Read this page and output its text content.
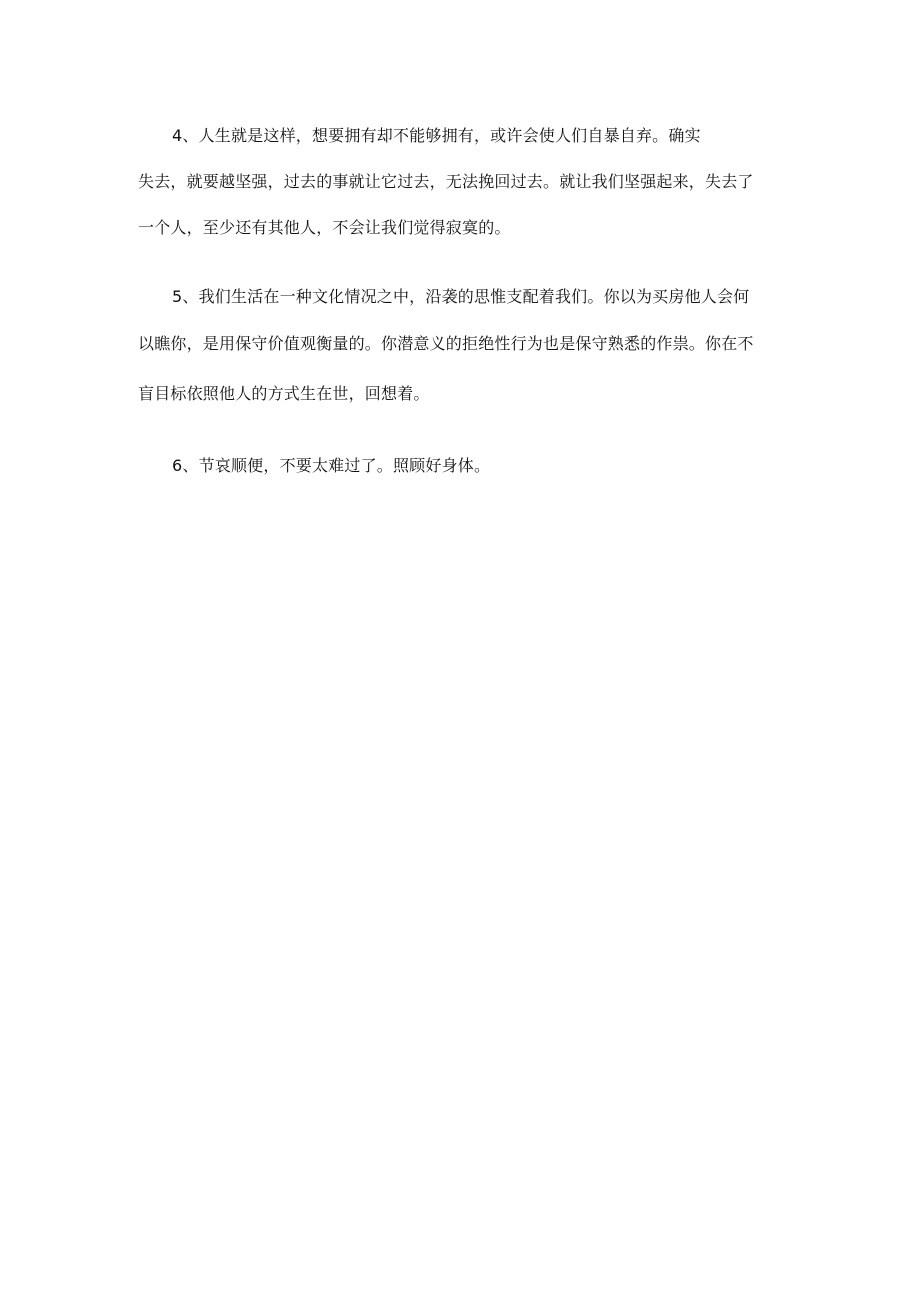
4、人生就是这样，想要拥有却不能够拥有，或许会使人们自暴自弃。确实
失去，就要越坚强，过去的事就让它过去，无法挽回过去。就让我们坚强起来，失去了
一个人，至少还有其他人，不会让我们觉得寂寞的。
5、我们生活在一种文化情况之中，沿袭的思惟支配着我们。你以为买房他人会何
以瞧你，是用保守价值观衡量的。你潜意义的拒绝性行为也是保守熟悉的作祟。你在不
盲目标依照他人的方式生在世，回想着。
6、节哀顺便，不要太难过了。照顾好身体。
